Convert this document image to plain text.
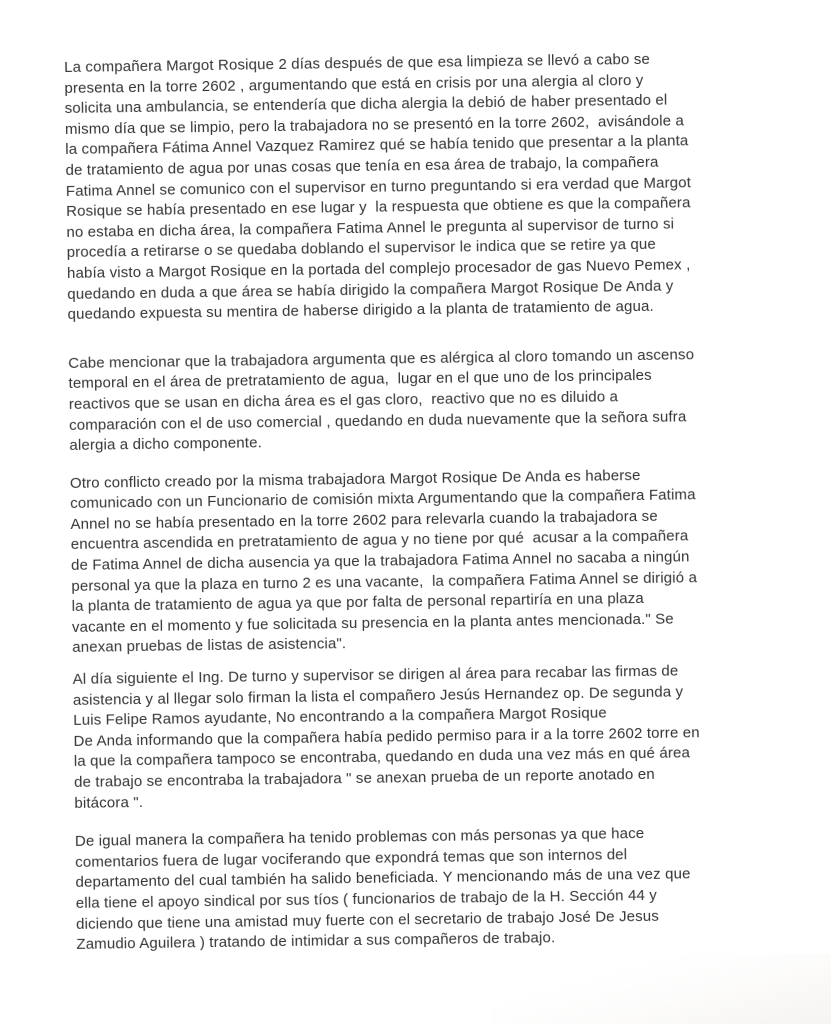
La compañera Margot Rosique 2 días después de que esa limpieza se llevó a cabo se
presenta en la torre 2602 , argumentando que está en crisis por una alergia al cloro y
solicita una ambulancia, se entendería que dicha alergia la debió de haber presentado el
mismo día que se limpio, pero la trabajadora no se presentó en la torre 2602,  avisándole a
la compañera Fátima Annel Vazquez Ramirez qué se había tenido que presentar a la planta
de tratamiento de agua por unas cosas que tenía en esa área de trabajo, la compañera
Fatima Annel se comunico con el supervisor en turno preguntando si era verdad que Margot
Rosique se había presentado en ese lugar y  la respuesta que obtiene es que la compañera
no estaba en dicha área, la compañera Fatima Annel le pregunta al supervisor de turno si
procedía a retirarse o se quedaba doblando el supervisor le indica que se retire ya que
había visto a Margot Rosique en la portada del complejo procesador de gas Nuevo Pemex ,
quedando en duda a que área se había dirigido la compañera Margot Rosique De Anda y
quedando expuesta su mentira de haberse dirigido a la planta de tratamiento de agua.
Cabe mencionar que la trabajadora argumenta que es alérgica al cloro tomando un ascenso
temporal en el área de pretratamiento de agua,  lugar en el que uno de los principales
reactivos que se usan en dicha área es el gas cloro,  reactivo que no es diluido a
comparación con el de uso comercial , quedando en duda nuevamente que la señora sufra
alergia a dicho componente.
Otro conflicto creado por la misma trabajadora Margot Rosique De Anda es haberse
comunicado con un Funcionario de comisión mixta Argumentando que la compañera Fatima
Annel no se había presentado en la torre 2602 para relevarla cuando la trabajadora se
encuentra ascendida en pretratamiento de agua y no tiene por qué  acusar a la compañera
de Fatima Annel de dicha ausencia ya que la trabajadora Fatima Annel no sacaba a ningún
personal ya que la plaza en turno 2 es una vacante,  la compañera Fatima Annel se dirigió a
la planta de tratamiento de agua ya que por falta de personal repartiría en una plaza
vacante en el momento y fue solicitada su presencia en la planta antes mencionada." Se
anexan pruebas de listas de asistencia".
Al día siguiente el Ing. De turno y supervisor se dirigen al área para recabar las firmas de
asistencia y al llegar solo firman la lista el compañero Jesús Hernandez op. De segunda y
Luis Felipe Ramos ayudante, No encontrando a la compañera Margot Rosique
De Anda informando que la compañera había pedido permiso para ir a la torre 2602 torre en
la que la compañera tampoco se encontraba, quedando en duda una vez más en qué área
de trabajo se encontraba la trabajadora " se anexan prueba de un reporte anotado en
bitácora ".
De igual manera la compañera ha tenido problemas con más personas ya que hace
comentarios fuera de lugar vociferando que expondrá temas que son internos del
departamento del cual también ha salido beneficiada. Y mencionando más de una vez que
ella tiene el apoyo sindical por sus tíos ( funcionarios de trabajo de la H. Sección 44 y
diciendo que tiene una amistad muy fuerte con el secretario de trabajo José De Jesus
Zamudio Aguilera ) tratando de intimidar a sus compañeros de trabajo.
